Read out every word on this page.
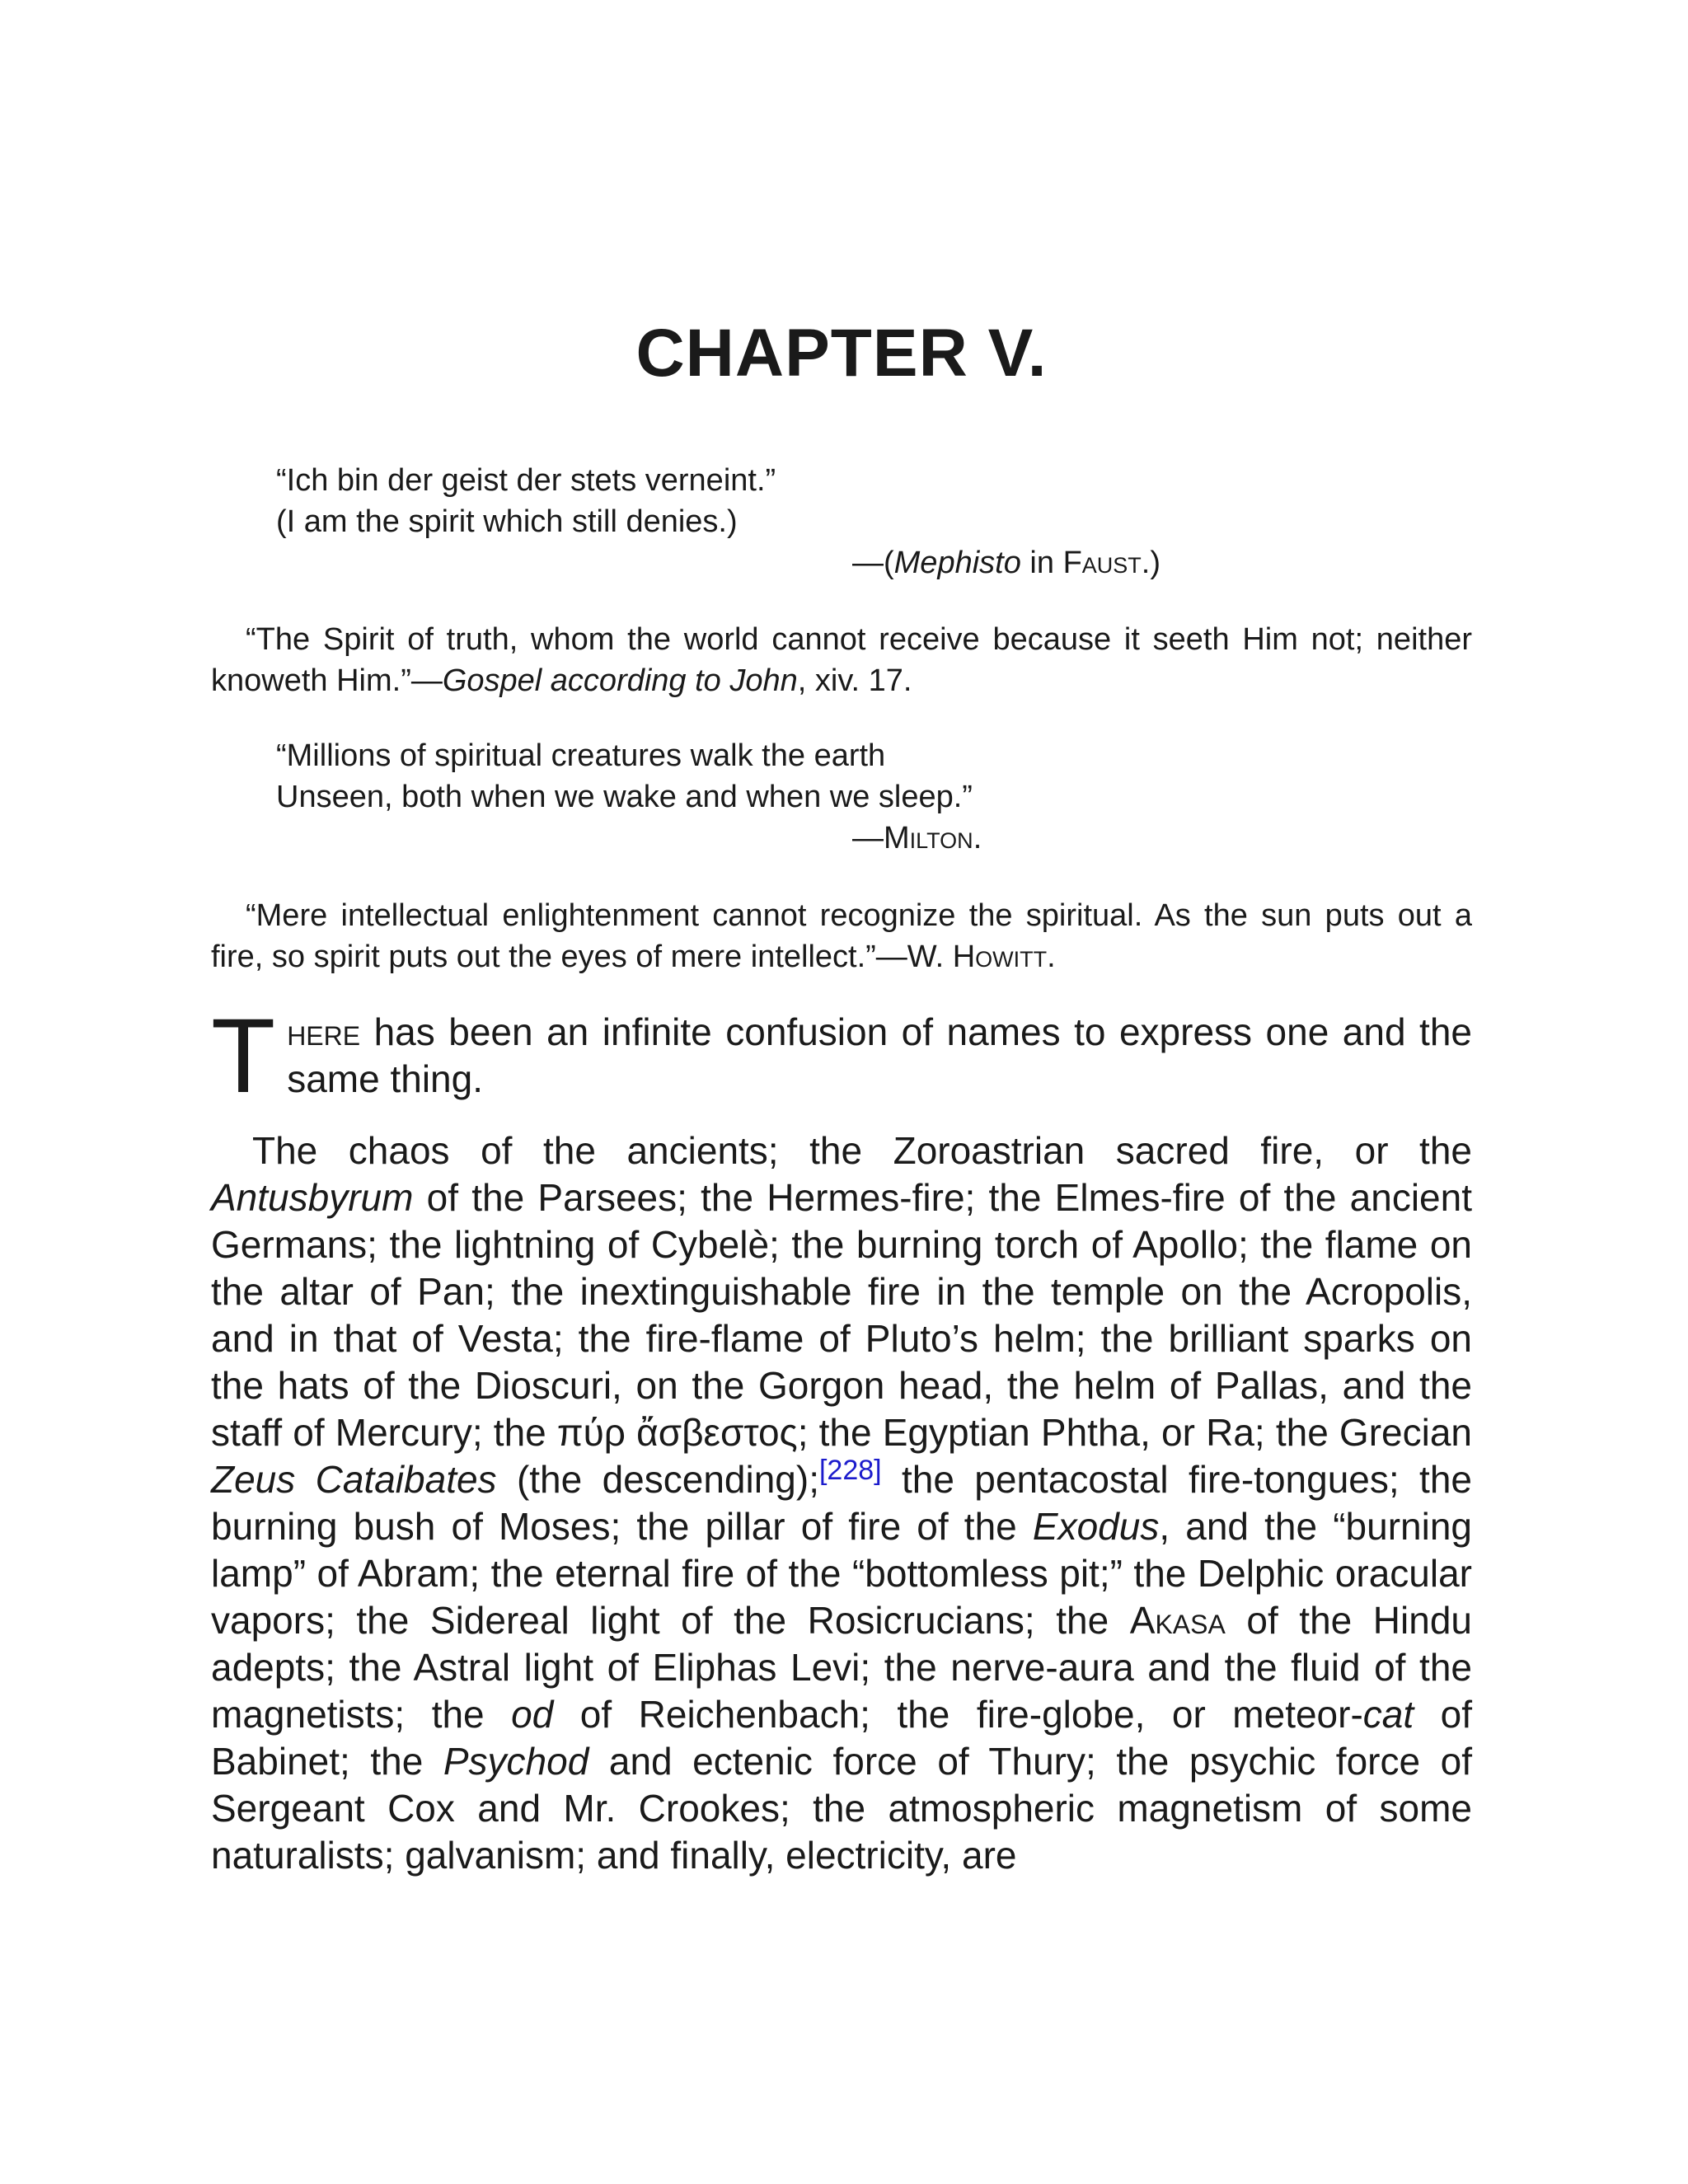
CHAPTER V.
“Ich bin der geist der stets verneint.”
(I am the spirit which still denies.)
—(Mephisto in Faust.)

“The Spirit of truth, whom the world cannot receive because it seeth Him not; neither knoweth Him.”—Gospel according to John, xiv. 17.

“Millions of spiritual creatures walk the earth
Unseen, both when we wake and when we sleep.”
—Milton.

“Mere intellectual enlightenment cannot recognize the spiritual. As the sun puts out a fire, so spirit puts out the eyes of mere intellect.”—W. Howitt.

There has been an infinite confusion of names to express one and the same thing.

The chaos of the ancients; the Zoroastrian sacred fire, or the Antusbyrum of the Parsees; the Hermes-fire; the Elmes-fire of the ancient Germans; the lightning of Cybelè; the burning torch of Apollo; the flame on the altar of Pan; the inextinguishable fire in the temple on the Acropolis, and in that of Vesta; the fire-flame of Pluto’s helm; the brilliant sparks on the hats of the Dioscuri, on the Gorgon head, the helm of Pallas, and the staff of Mercury; the πύρ ἄσβεστος; the Egyptian Phtha, or Ra; the Grecian Zeus Cataibates (the descending);[228] the pentacostal fire-tongues; the burning bush of Moses; the pillar of fire of the Exodus, and the “burning lamp” of Abram; the eternal fire of the “bottomless pit;” the Delphic oracular vapors; the Sidereal light of the Rosicrucians; the Akasa of the Hindu adepts; the Astral light of Eliphas Levi; the nerve-aura and the fluid of the magnetists; the od of Reichenbach; the fire-globe, or meteor-cat of Babinet; the Psychod and ectenic force of Thury; the psychic force of Sergeant Cox and Mr. Crookes; the atmospheric magnetism of some naturalists; galvanism; and finally, electricity, are
